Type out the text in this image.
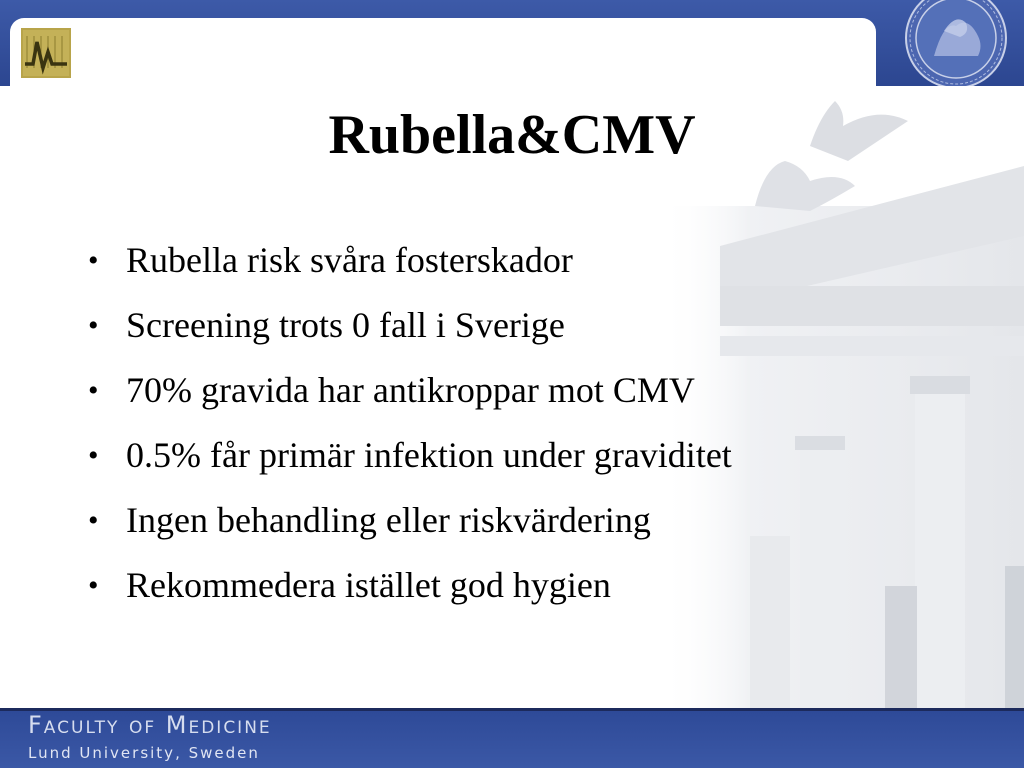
Rubella&CMV
• Rubella risk svåra fosterskador
• Screening trots 0 fall i Sverige
• 70% gravida har antikroppar mot CMV
• 0.5% får primär infektion under graviditet
• Ingen behandling eller riskvärdering
• Rekommedera istället god hygien
Faculty of Medicine
Lund University, Sweden
